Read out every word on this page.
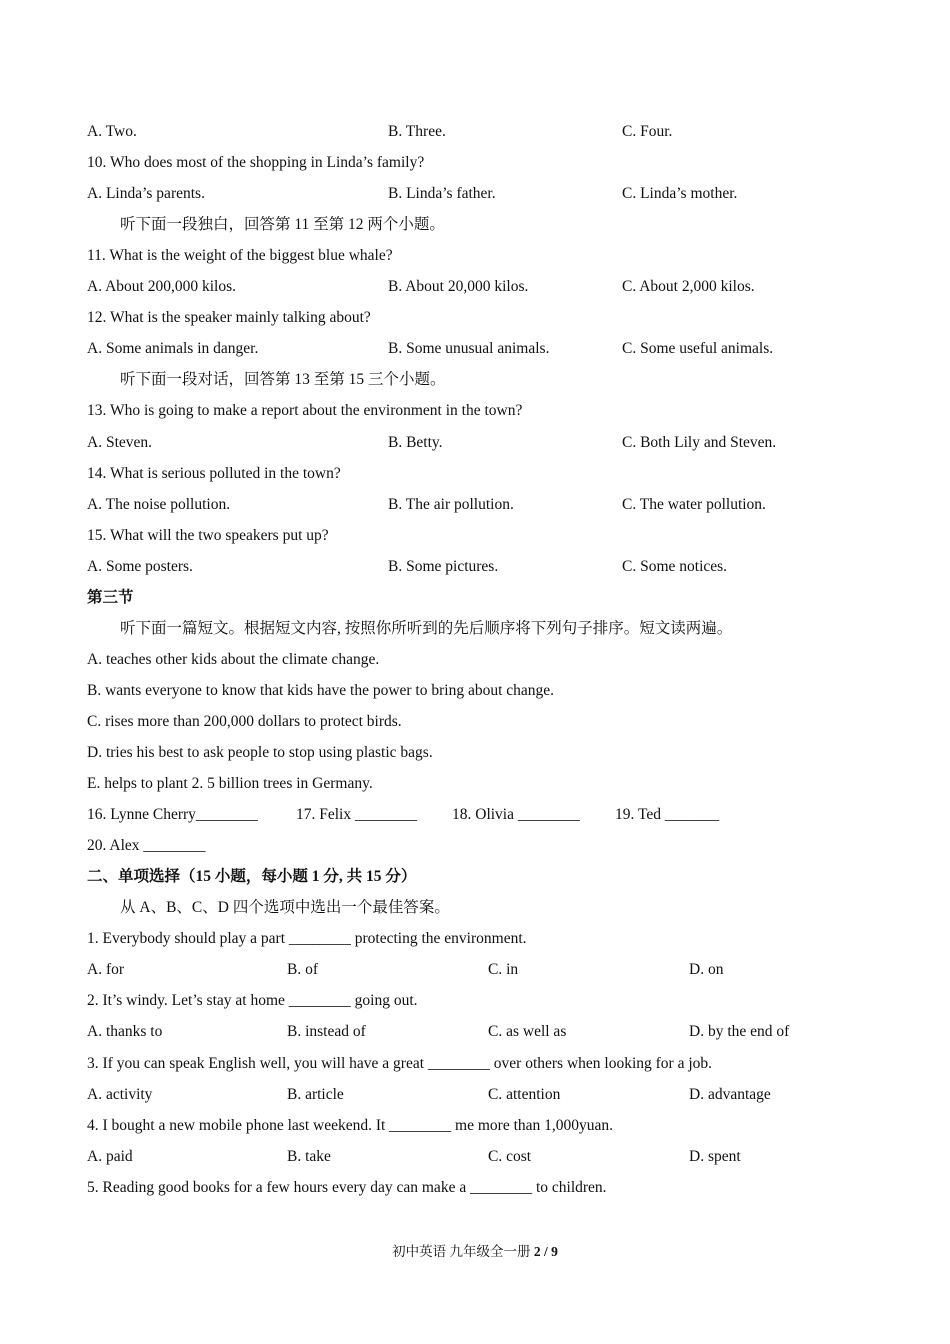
A. Two.	B. Three.	C. Four.
10. Who does most of the shopping in Linda’s family?
A. Linda’s parents.	B. Linda’s father.	C. Linda’s mother.
听下面一段独白，回答第 11 至第 12 两个小题。
11. What is the weight of the biggest blue whale?
A. About 200,000 kilos.	B. About 20,000 kilos.	C. About 2,000 kilos.
12. What is the speaker mainly talking about?
A. Some animals in danger.	B. Some unusual animals.	C. Some useful animals.
听下面一段对话，回答第 13 至第 15 三个小题。
13. Who is going to make a report about the environment in the town?
A. Steven.	B. Betty.	C. Both Lily and Steven.
14. What is serious polluted in the town?
A. The noise pollution.	B. The air pollution.	C. The water pollution.
15. What will the two speakers put up?
A. Some posters.	B. Some pictures.	C. Some notices.
第三节
听下面一篇短文。根据短文内容, 按照你所听到的先后顺序将下列句子排序。短文读两遍。
A. teaches other kids about the climate change.
B. wants everyone to know that kids have the power to bring about change.
C. rises more than 200,000 dollars to protect birds.
D. tries his best to ask people to stop using plastic bags.
E. helps to plant 2. 5 billion trees in Germany.
16. Lynne Cherry________ 17. Felix ________ 18. Olivia ________ 19. Ted _______
20. Alex ________
二、单项选择（15 小题，每小题 1 分, 共 15 分）
从 A、B、C、D 四个选项中选出一个最佳答案。
1. Everybody should play a part ________ protecting the environment.
A. for	B. of	C. in	D. on
2. It’s windy. Let’s stay at home ________ going out.
A. thanks to	B. instead of	C. as well as	D. by the end of
3. If you can speak English well, you will have a great ________ over others when looking for a job.
A. activity	B. article	C. attention	D. advantage
4. I bought a new mobile phone last weekend. It ________ me more than 1,000yuan.
A. paid	B. take	C. cost	D. spent
5. Reading good books for a few hours every day can make a ________ to children.
初中英语 九年级全一册 2 / 9
